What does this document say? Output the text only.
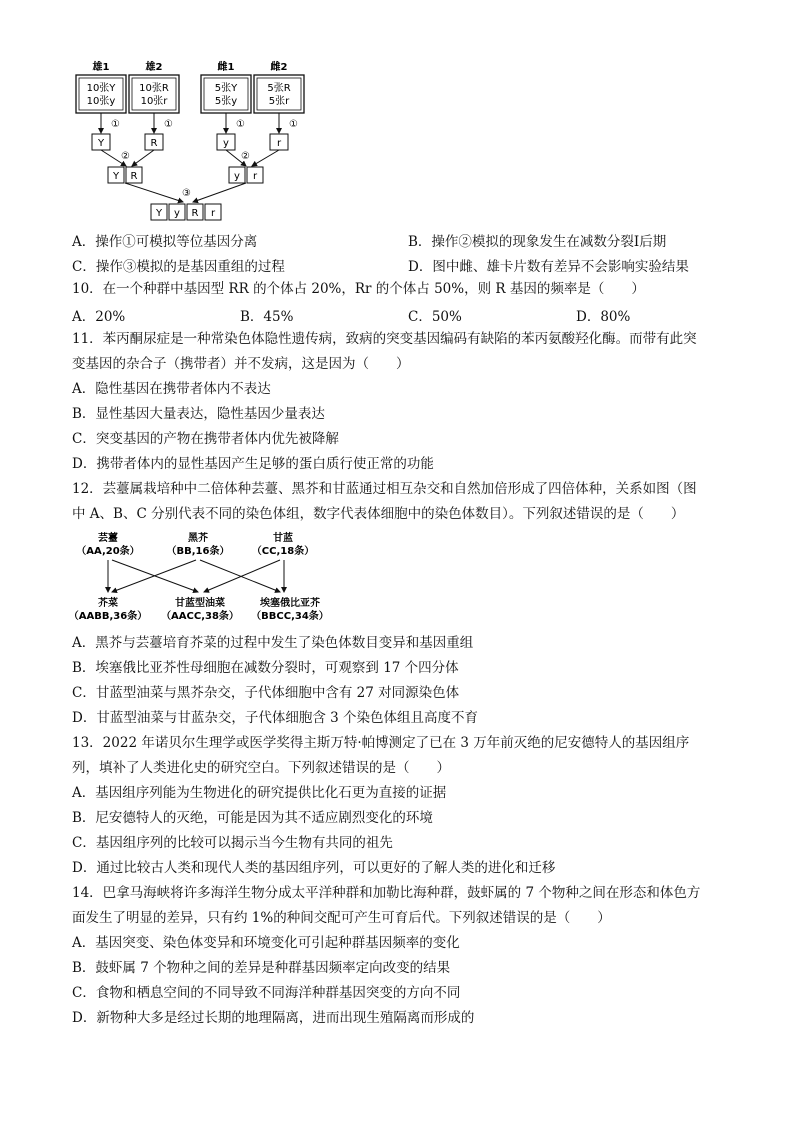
雄1	雄2	雌1	雌2
10张Y
10张y
10张R
10张r
5张Y
5张y
5张R
5张r
①	①	①	①
Y	R	y	r
②	②
Y R	y r
③
Y y R r
A．操作①可模拟等位基因分离	B．操作②模拟的现象发生在减数分裂Ⅰ后期
C．操作③模拟的是基因重组的过程	D．图中雌、雄卡片数有差异不会影响实验结果
10．在一个种群中基因型 RR 的个体占 20%，Rr 的个体占 50%，则 R 基因的频率是（　　）
A．20%	B．45%	C．50%	D．80%
11．苯丙酮尿症是一种常染色体隐性遗传病，致病的突变基因编码有缺陷的苯丙氨酸羟化酶。而带有此突
变基因的杂合子（携带者）并不发病，这是因为（　　）
A．隐性基因在携带者体内不表达
B．显性基因大量表达，隐性基因少量表达
C．突变基因的产物在携带者体内优先被降解
D．携带者体内的显性基因产生足够的蛋白质行使正常的功能
12．芸薹属栽培种中二倍体种芸薹、黑芥和甘蓝通过相互杂交和自然加倍形成了四倍体种，关系如图（图
中 A、B、C 分别代表不同的染色体组，数字代表体细胞中的染色体数目）。下列叙述错误的是（　　）
芸薹
（AA,20条）
黑芥
（BB,16条）
甘蓝
（CC,18条）
芥菜
（AABB,36条）
甘蓝型油菜
（AACC,38条）
埃塞俄比亚芥
（BBCC,34条）
A．黑芥与芸薹培育芥菜的过程中发生了染色体数目变异和基因重组
B．埃塞俄比亚芥性母细胞在减数分裂时，可观察到 17 个四分体
C．甘蓝型油菜与黑芥杂交，子代体细胞中含有 27 对同源染色体
D．甘蓝型油菜与甘蓝杂交，子代体细胞含 3 个染色体组且高度不育
13．2022 年诺贝尔生理学或医学奖得主斯万特·帕博测定了已在 3 万年前灭绝的尼安德特人的基因组序
列，填补了人类进化史的研究空白。下列叙述错误的是（　　）
A．基因组序列能为生物进化的研究提供比化石更为直接的证据
B．尼安德特人的灭绝，可能是因为其不适应剧烈变化的环境
C．基因组序列的比较可以揭示当今生物有共同的祖先
D．通过比较古人类和现代人类的基因组序列，可以更好的了解人类的进化和迁移
14．巴拿马海峡将许多海洋生物分成太平洋种群和加勒比海种群，鼓虾属的 7 个物种之间在形态和体色方
面发生了明显的差异，只有约 1%的种间交配可产生可育后代。下列叙述错误的是（　　）
A．基因突变、染色体变异和环境变化可引起种群基因频率的变化
B．鼓虾属 7 个物种之间的差异是种群基因频率定向改变的结果
C．食物和栖息空间的不同导致不同海洋种群基因突变的方向不同
D．新物种大多是经过长期的地理隔离，进而出现生殖隔离而形成的
